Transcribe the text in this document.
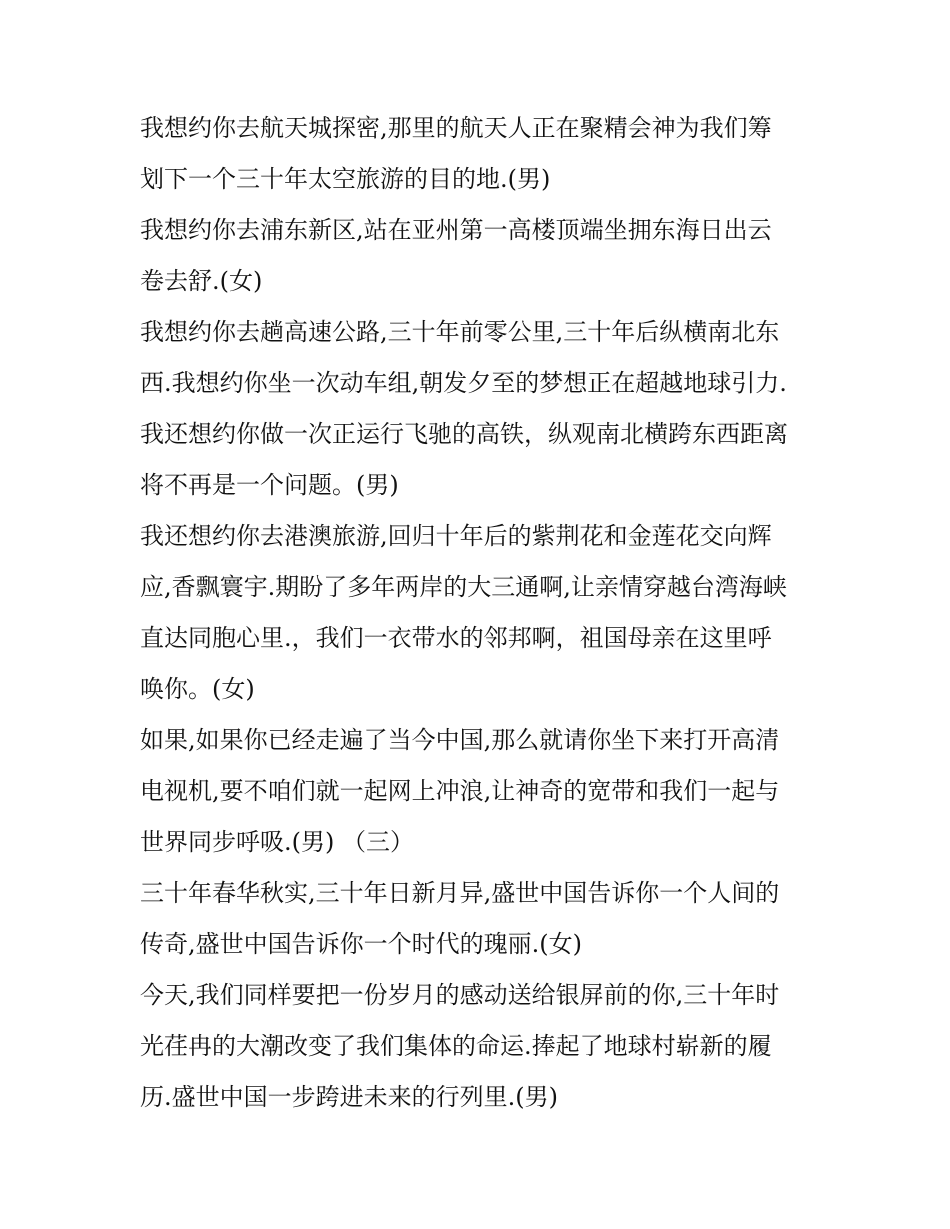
我想约你去航天城探密,那里的航天人正在聚精会神为我们筹
划下一个三十年太空旅游的目的地.(男)

我想约你去浦东新区,站在亚州第一高楼顶端坐拥东海日出云
卷去舒.(女)

我想约你去趟高速公路,三十年前零公里,三十年后纵横南北东
西.我想约你坐一次动车组,朝发夕至的梦想正在超越地球引力.
我还想约你做一次正运行飞驰的高铁，纵观南北横跨东西距离
将不再是一个问题。(男)

我还想约你去港澳旅游,回归十年后的紫荆花和金莲花交向辉
应,香飘寰宇.期盼了多年两岸的大三通啊,让亲情穿越台湾海峡
直达同胞心里.，我们一衣带水的邻邦啊，祖国母亲在这里呼
唤你。(女)

如果,如果你已经走遍了当今中国,那么就请你坐下来打开高清
电视机,要不咱们就一起网上冲浪,让神奇的宽带和我们一起与
世界同步呼吸.(男) （三）

三十年春华秋实,三十年日新月异,盛世中国告诉你一个人间的
传奇,盛世中国告诉你一个时代的瑰丽.(女)

今天,我们同样要把一份岁月的感动送给银屏前的你,三十年时
光荏冉的大潮改变了我们集体的命运.捧起了地球村崭新的履
历.盛世中国一步跨进未来的行列里.(男)
